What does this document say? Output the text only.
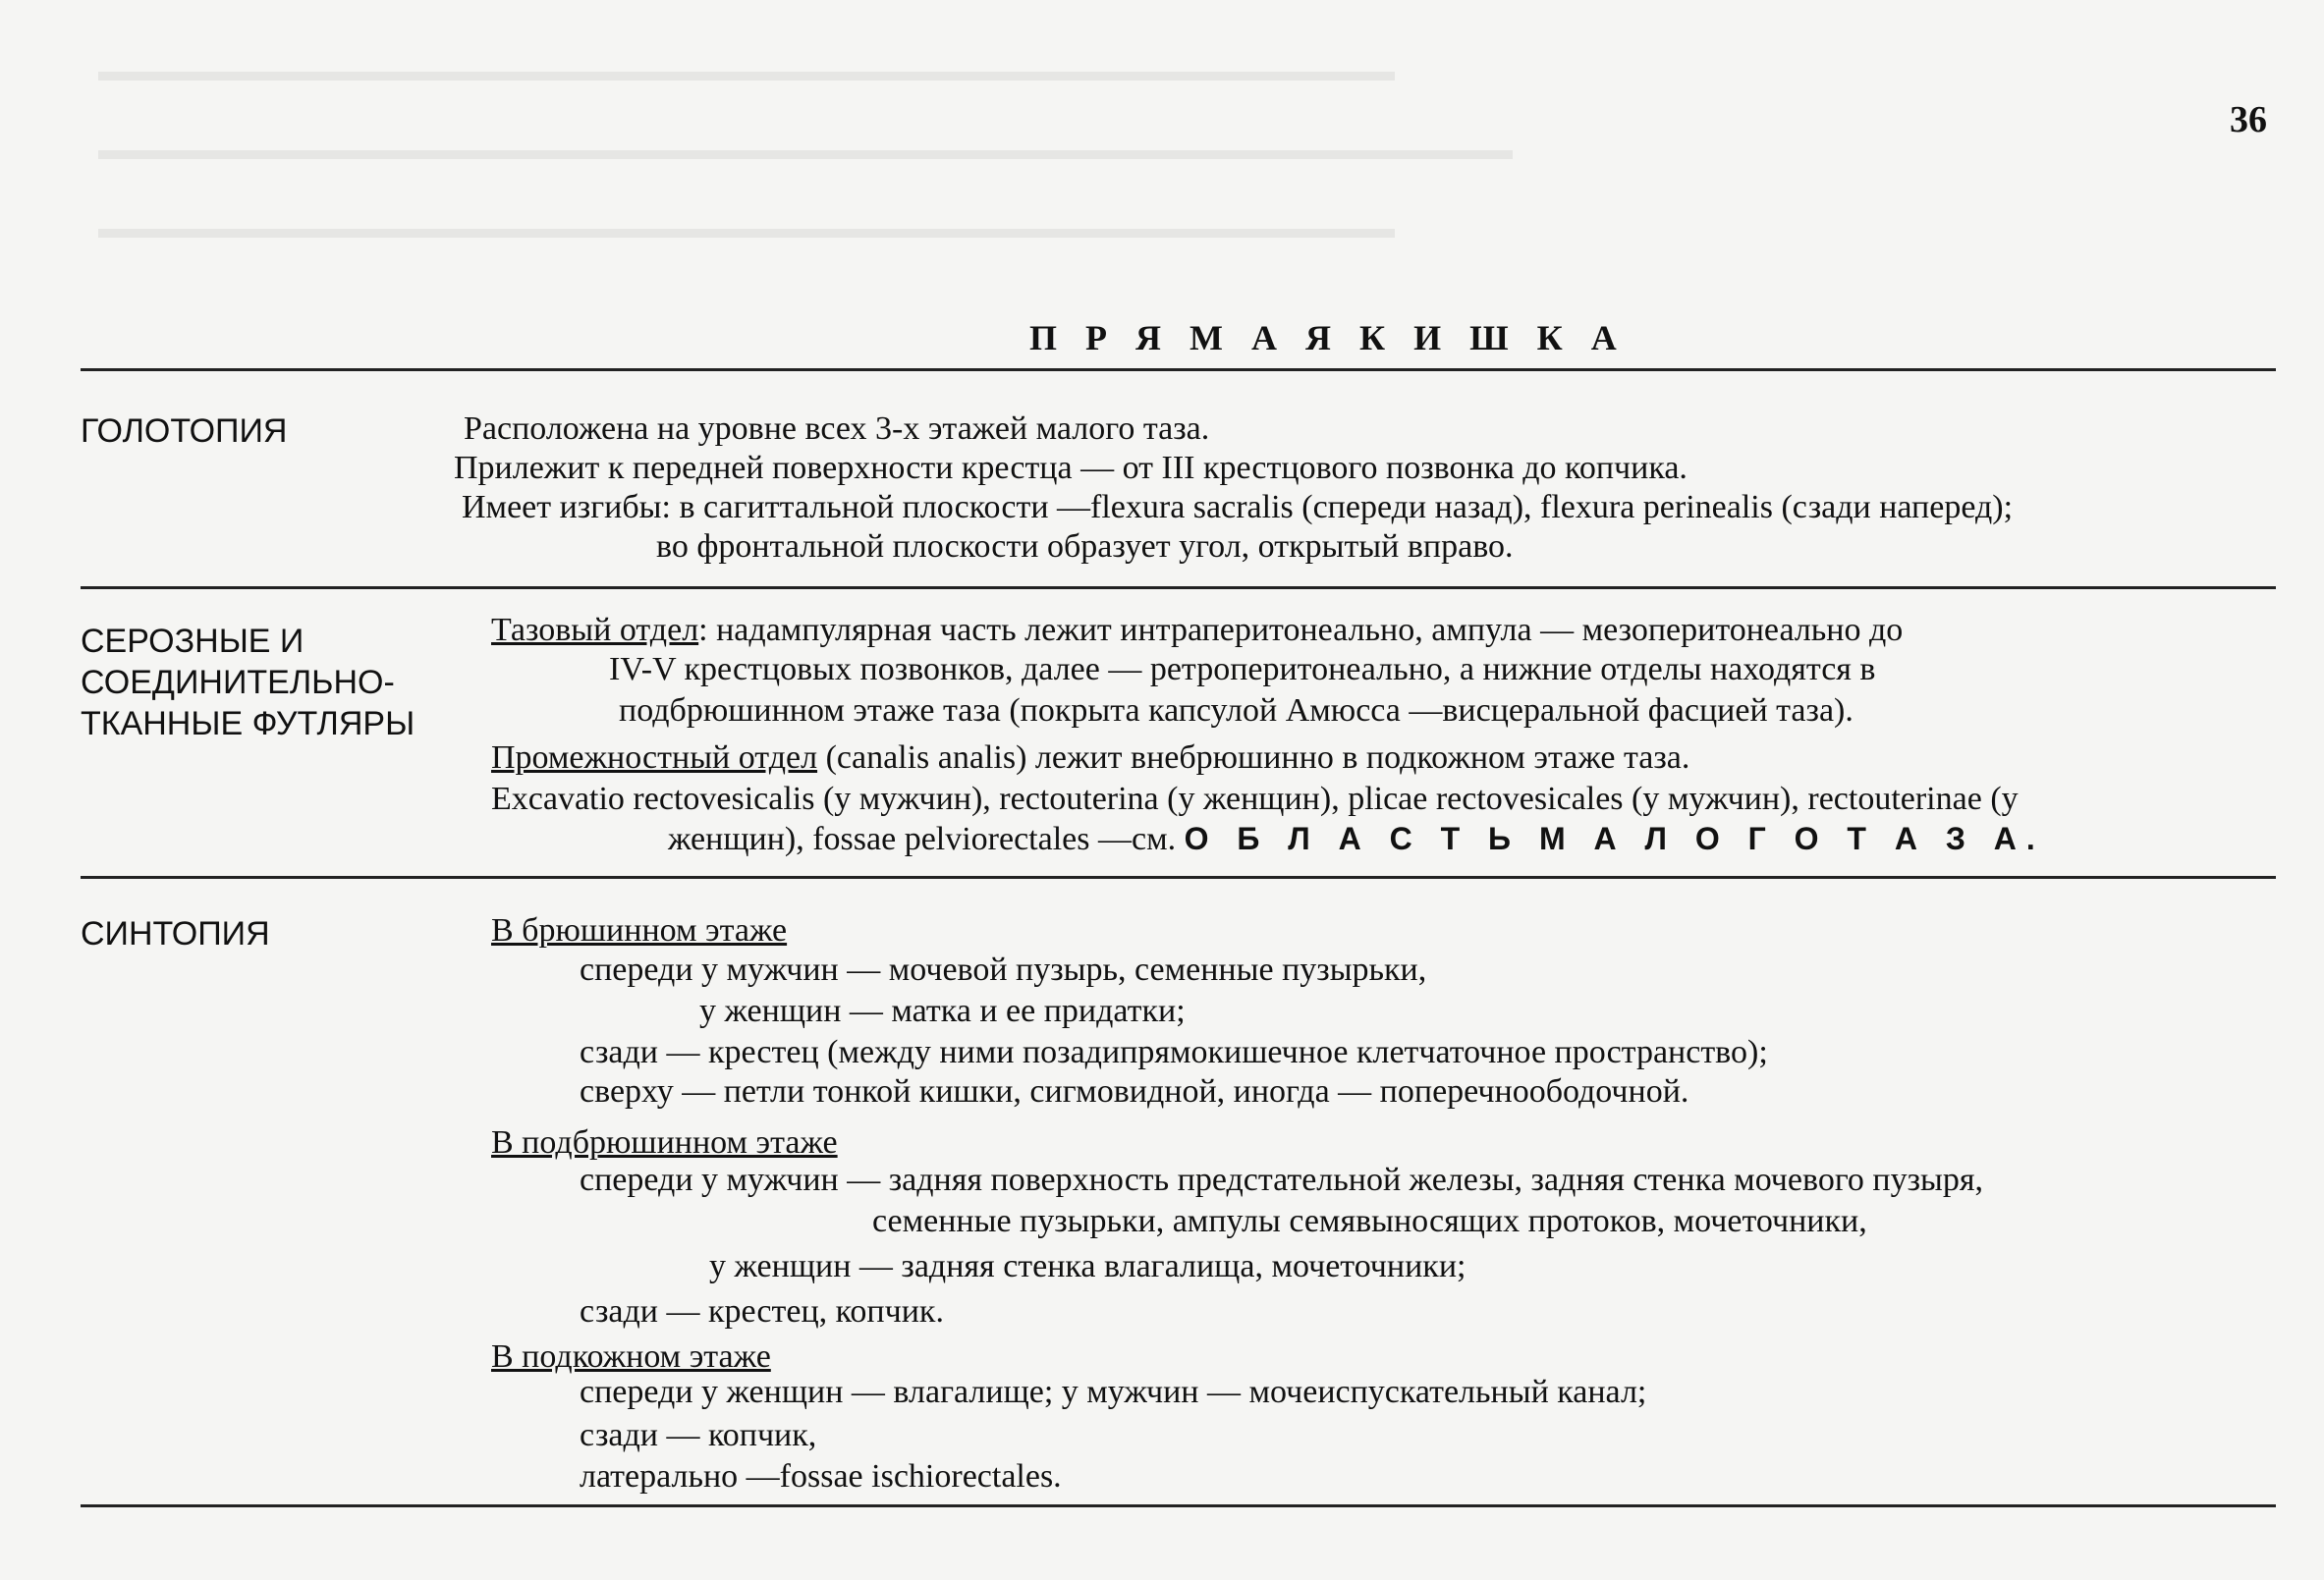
▬▬▬▬▬▬▬▬▬▬▬▬▬▬▬▬▬▬▬▬▬▬▬▬▬▬▬▬▬▬▬▬▬▬▬▬▬▬▬▬▬▬▬▬
▬▬▬▬▬▬▬▬▬▬▬▬▬▬▬▬▬▬▬▬▬▬▬▬▬▬▬▬▬▬▬▬▬▬▬▬▬▬▬▬▬▬▬▬▬▬▬▬
▬▬▬▬▬▬▬▬▬▬▬▬▬▬▬▬▬▬▬▬▬▬▬▬▬▬▬▬▬▬▬▬▬▬▬▬▬▬▬▬▬▬▬▬
36
П Р Я М А Я К И Ш К А
ГОЛОТОПИЯ	Расположена на уровне всех 3-х этажей малого таза.
Прилежит к передней поверхности крестца — от III крестцового позвонка до копчика.
Имеет изгибы: в сагиттальной плоскости —flexura sacralis (спереди назад), flexura perinealis (сзади наперед);
во фронтальной плоскости образует угол, открытый вправо.
СЕРОЗНЫЕ И СОЕДИНИТЕЛЬНО-ТКАННЫЕ ФУТЛЯРЫ
Тазовый отдел: надампулярная часть лежит интраперитонеально, ампула — мезоперитонеально до
IV-V крестцовых позвонков, далее — ретроперитонеально, а нижние отделы находятся в
подбрюшинном этаже таза (покрыта капсулой Амюсса —висцеральной фасцией таза).
Промежностный отдел (canalis analis) лежит внебрюшинно в подкожном этаже таза.
Excavatio rectovesicalis (у мужчин), rectouterina (у женщин), plicae rectovesicales (у мужчин), rectouterinae (у
женщин), fossae pelviorectales —см. О Б Л А С Т Ь М А Л О Г О Т А З А.
СИНТОПИЯ	В брюшинном этаже
спереди у мужчин — мочевой пузырь, семенные пузырьки,
у женщин — матка и ее придатки;
сзади — крестец (между ними позадипрямокишечное клетчаточное пространство);
сверху — петли тонкой кишки, сигмовидной, иногда — поперечноободочной.
В подбрюшинном этаже
спереди у мужчин — задняя поверхность предстательной железы, задняя стенка мочевого пузыря,
семенные пузырьки, ампулы семявыносящих протоков, мочеточники,
у женщин — задняя стенка влагалища, мочеточники;
сзади — крестец, копчик.
В подкожном этаже
спереди у женщин — влагалище; у мужчин — мочеиспускательный канал;
сзади — копчик,
латерально —fossae ischiorectales.
